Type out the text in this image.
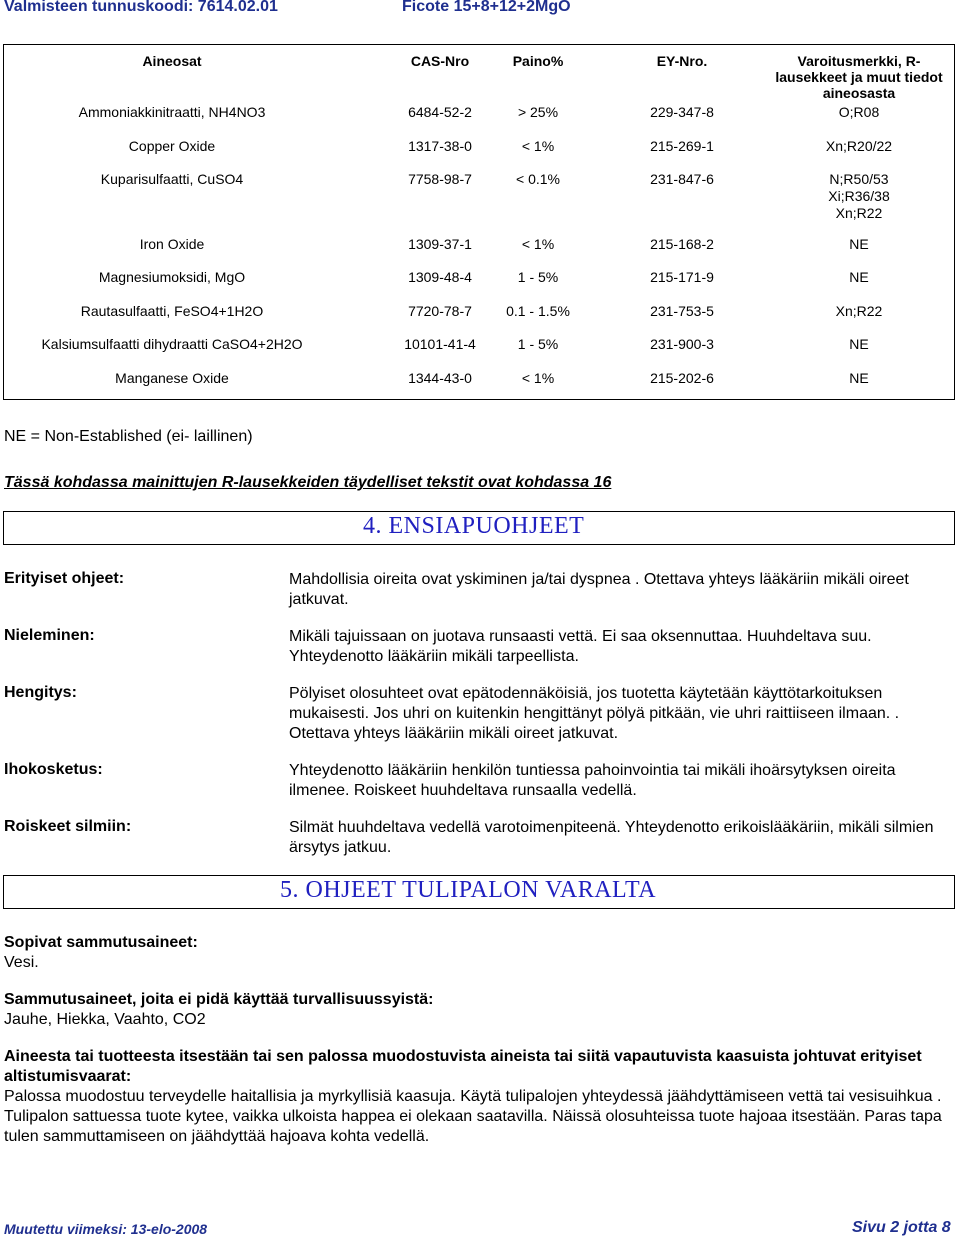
Valmisteen tunnuskoodi: 7614.02.01	Ficote 15+8+12+2MgO
Aineosat	CAS-Nro	Paino%	EY-Nro.	Varoitusmerkki, R-
lausekkeet ja muut tiedot
aineosasta
Ammoniakkinitraatti, NH4NO3	6484-52-2	> 25%	229-347-8	O;R08
Copper Oxide	1317-38-0	< 1%	215-269-1	Xn;R20/22
Kuparisulfaatti, CuSO4	7758-98-7	< 0.1%	231-847-6	N;R50/53
Xi;R36/38
Xn;R22
Iron Oxide	1309-37-1	< 1%	215-168-2	NE
Magnesiumoksidi, MgO	1309-48-4	1 - 5%	215-171-9	NE
Rautasulfaatti, FeSO4+1H2O	7720-78-7	0.1 - 1.5%	231-753-5	Xn;R22
Kalsiumsulfaatti dihydraatti CaSO4+2H2O	10101-41-4	1 - 5%	231-900-3	NE
Manganese Oxide	1344-43-0	< 1%	215-202-6	NE
NE = Non-Established (ei- laillinen)
Tässä kohdassa mainittujen R-lausekkeiden täydelliset tekstit ovat kohdassa 16
4. ENSIAPUOHJEET
Erityiset ohjeet:	Mahdollisia oireita ovat yskiminen ja/tai dyspnea . Otettava yhteys lääkäriin mikäli oireet jatkuvat.
Nieleminen:	Mikäli tajuissaan on juotava runsaasti vettä. Ei saa oksennuttaa. Huuhdeltava suu. Yhteydenotto lääkäriin mikäli tarpeellista.
Hengitys:	Pölyiset olosuhteet ovat epätodennäköisiä, jos tuotetta käytetään käyttötarkoituksen mukaisesti. Jos uhri on kuitenkin hengittänyt pölyä pitkään, vie uhri raittiiseen ilmaan. . Otettava yhteys lääkäriin mikäli oireet jatkuvat.
Ihokosketus:	Yhteydenotto lääkäriin henkilön tuntiessa pahoinvointia tai mikäli ihoärsytyksen oireita ilmenee. Roiskeet huuhdeltava runsaalla vedellä.
Roiskeet silmiin:	Silmät huuhdeltava vedellä varotoimenpiteenä. Yhteydenotto erikoislääkäriin, mikäli silmien ärsytys jatkuu.
5. OHJEET TULIPALON VARALTA
Sopivat sammutusaineet:
Vesi.
Sammutusaineet, joita ei pidä käyttää turvallisuussyistä:
Jauhe, Hiekka, Vaahto, CO2
Aineesta tai tuotteesta itsestään tai sen palossa muodostuvista aineista tai siitä vapautuvista kaasuista johtuvat erityiset altistumisvaarat:
Palossa muodostuu terveydelle haitallisia ja myrkyllisiä kaasuja. Käytä tulipalojen yhteydessä jäähdyttämiseen vettä tai vesisuihkua . Tulipalon sattuessa tuote kytee, vaikka ulkoista happea ei olekaan saatavilla. Näissä olosuhteissa tuote hajoaa itsestään. Paras tapa tulen sammuttamiseen on jäähdyttää hajoava kohta vedellä.
Muutettu viimeksi: 13-elo-2008	Sivu 2 jotta 8
